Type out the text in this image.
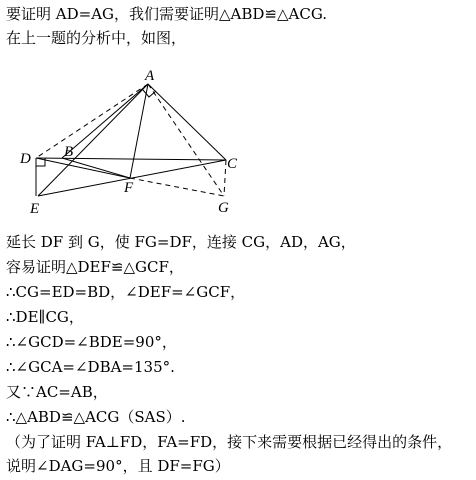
要证明 AD=AG，我们需要证明△ABD≌△ACG.
在上一题的分析中，如图，
A
D B
C
F
E	G
延长 DF 到 G，使 FG=DF，连接 CG，AD，AG，
容易证明△DEF≌△GCF，
∴CG=ED=BD，∠DEF=∠GCF，
∴DE∥CG，
∴∠GCD=∠BDE=90°，
∴∠GCA=∠DBA=135°.
又∵AC=AB，
∴△ABD≌△ACG（SAS）.
（为了证明 FA⊥FD，FA=FD，接下来需要根据已经得出的条件，
说明∠DAG=90°，且 DF=FG）
